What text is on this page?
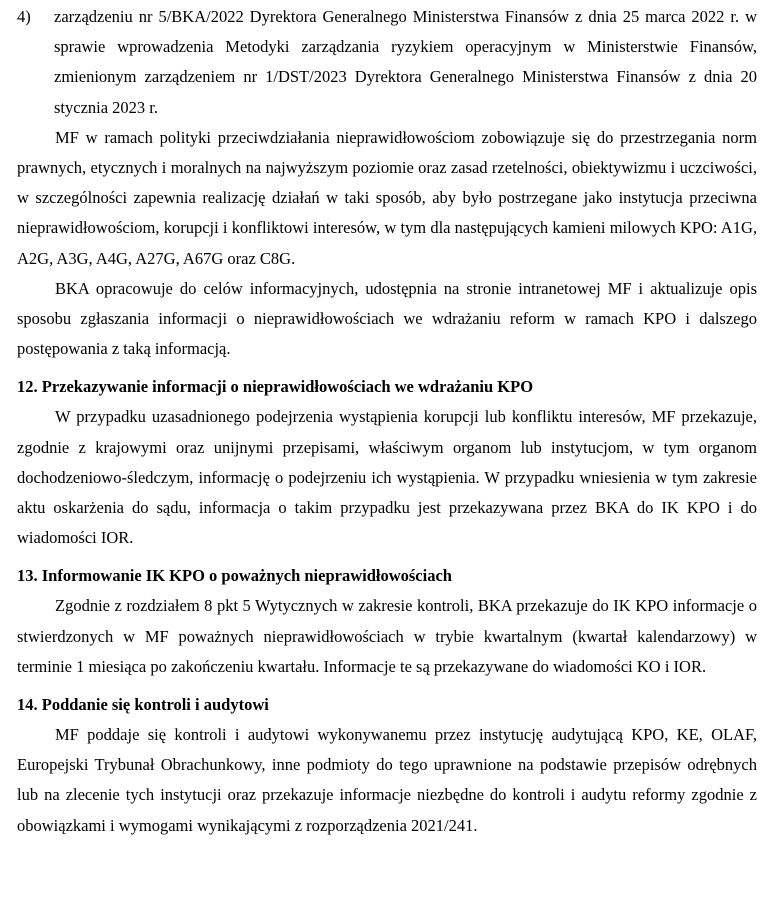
4)	zarządzeniu nr 5/BKA/2022 Dyrektora Generalnego Ministerstwa Finansów z dnia 25 marca 2022 r. w sprawie wprowadzenia Metodyki zarządzania ryzykiem operacyjnym w Ministerstwie Finansów, zmienionym zarządzeniem nr 1/DST/2023 Dyrektora Generalnego Ministerstwa Finansów z dnia 20 stycznia 2023 r.

MF w ramach polityki przeciwdziałania nieprawidłowościom zobowiązuje się do przestrzegania norm prawnych, etycznych i moralnych na najwyższym poziomie oraz zasad rzetelności, obiektywizmu i uczciwości, w szczególności zapewnia realizację działań w taki sposób, aby było postrzegane jako instytucja przeciwna nieprawidłowościom, korupcji i konfliktowi interesów, w tym dla następujących kamieni milowych KPO: A1G, A2G, A3G, A4G, A27G, A67G oraz C8G.

BKA opracowuje do celów informacyjnych, udostępnia na stronie intranetowej MF i aktualizuje opis sposobu zgłaszania informacji o nieprawidłowościach we wdrażaniu reform w ramach KPO i dalszego postępowania z taką informacją.

12. Przekazywanie informacji o nieprawidłowościach we wdrażaniu KPO

W przypadku uzasadnionego podejrzenia wystąpienia korupcji lub konfliktu interesów, MF przekazuje, zgodnie z krajowymi oraz unijnymi przepisami, właściwym organom lub instytucjom, w tym organom dochodzeniowo-śledczym, informację o podejrzeniu ich wystąpienia. W przypadku wniesienia w tym zakresie aktu oskarżenia do sądu, informacja o takim przypadku jest przekazywana przez BKA do IK KPO i do wiadomości IOR.

13. Informowanie IK KPO o poważnych nieprawidłowościach

Zgodnie z rozdziałem 8 pkt 5 Wytycznych w zakresie kontroli, BKA przekazuje do IK KPO informacje o stwierdzonych w MF poważnych nieprawidłowościach w trybie kwartalnym (kwartał kalendarzowy) w terminie 1 miesiąca po zakończeniu kwartału. Informacje te są przekazywane do wiadomości KO i IOR.

14. Poddanie się kontroli i audytowi

MF poddaje się kontroli i audytowi wykonywanemu przez instytucję audytującą KPO, KE, OLAF, Europejski Trybunał Obrachunkowy, inne podmioty do tego uprawnione na podstawie przepisów odrębnych lub na zlecenie tych instytucji oraz przekazuje informacje niezbędne do kontroli i audytu reformy zgodnie z obowiązkami i wymogami wynikającymi z rozporządzenia 2021/241.
